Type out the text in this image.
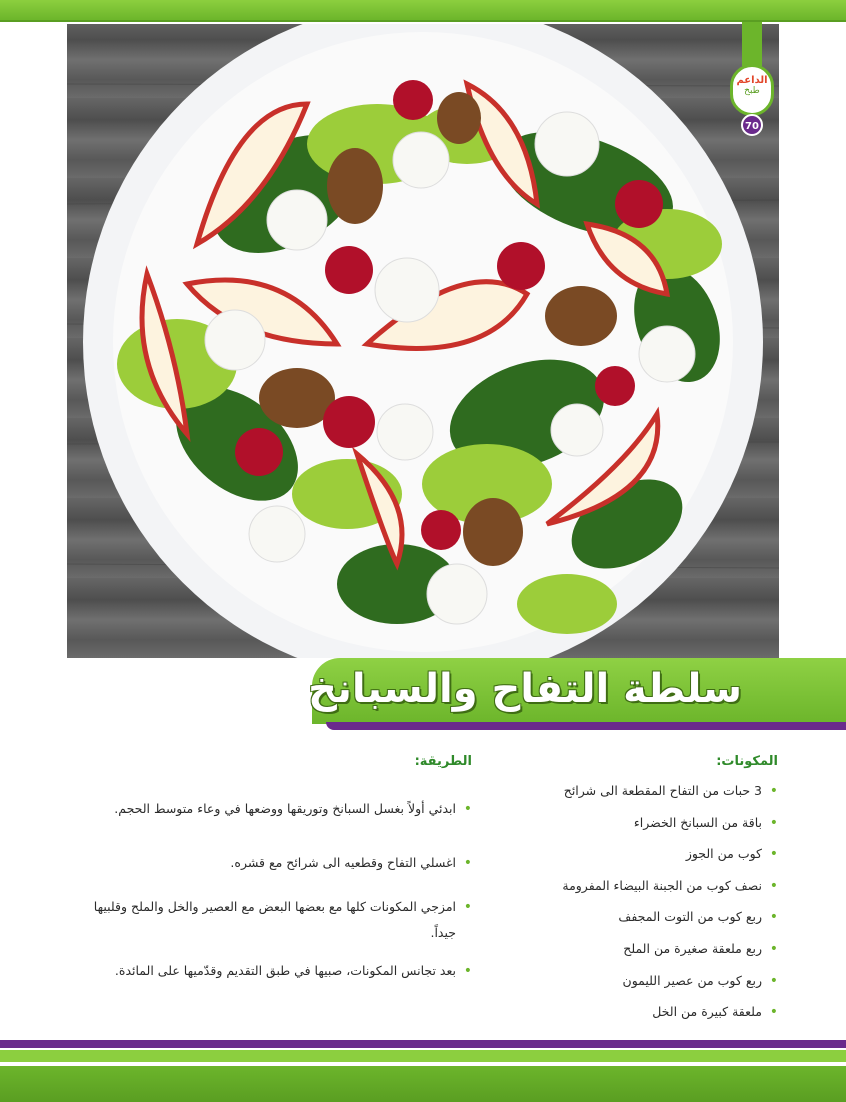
الداعم
طبخ
70
سلطة التفاح والسبانخ
المكونات:
• 3 حبات من التفاح المقطعة الى شرائح
• باقة من السبانخ الخضراء
• كوب من الجوز
• نصف كوب من الجبنة البيضاء المفرومة
• ربع كوب من التوت المجفف
• ربع ملعقة صغيرة من الملح
• ربع كوب من عصير الليمون
• ملعقة كبيرة من الخل
الطريقة:
• ابدئي أولاً بغسل السبانخ وتوريقها ووضعها في وعاء متوسط الحجم.
• اغسلي التفاح وقطعيه الى شرائح مع قشره.
• امزجي المكونات كلها مع بعضها البعض مع العصير والخل والملح وقلبيها جيداً.
• بعد تجانس المكونات، صبيها في طبق التقديم وقدّميها على المائدة.
